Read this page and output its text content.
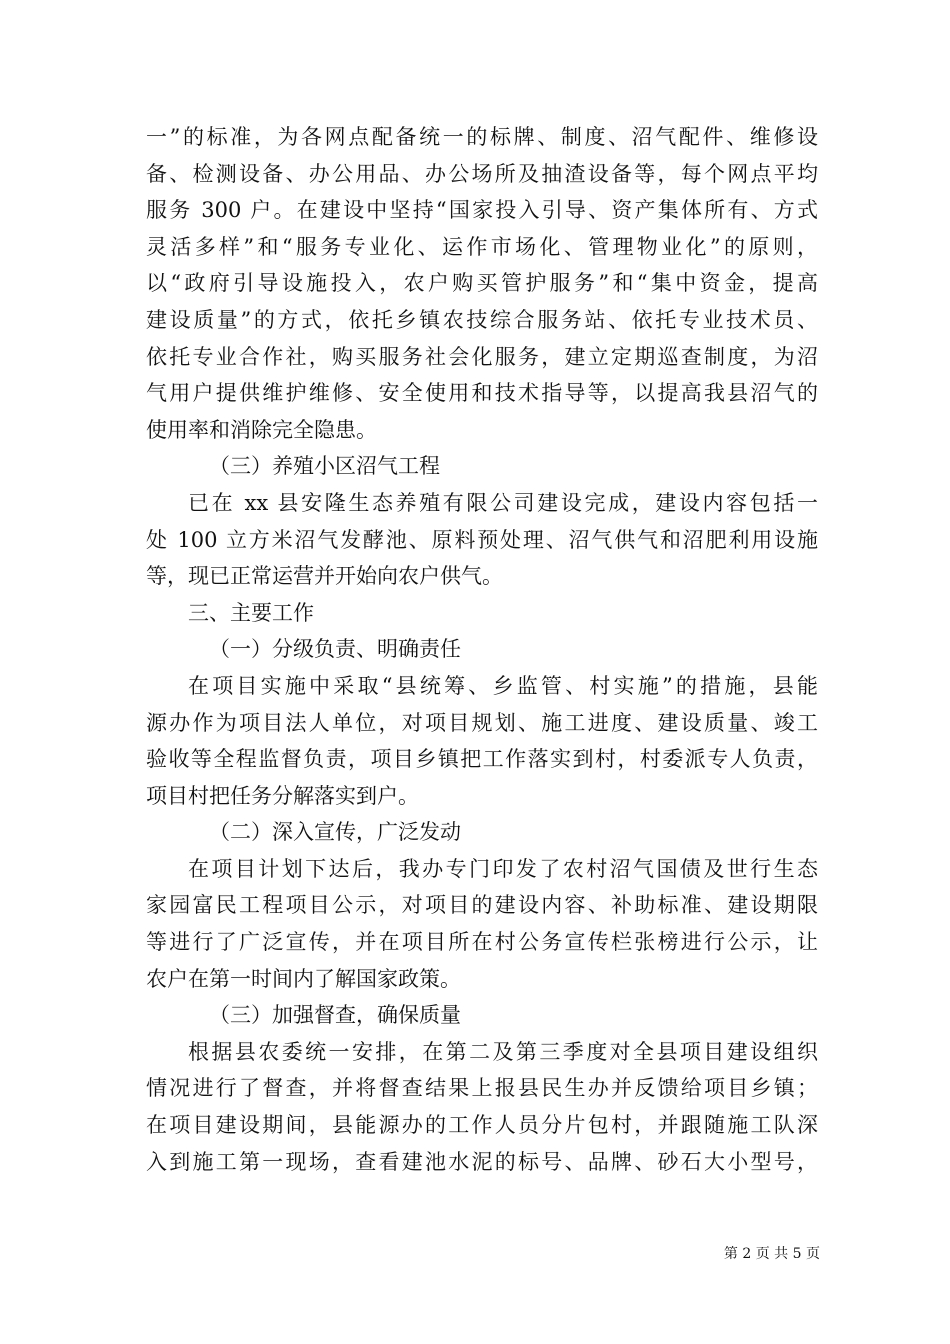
一”的标准，为各网点配备统一的标牌、制度、沼气配件、维修设
备、检测设备、办公用品、办公场所及抽渣设备等，每个网点平均
服务 300 户。在建设中坚持“国家投入引导、资产集体所有、方式
灵活多样”和“服务专业化、运作市场化、管理物业化”的原则，
以“政府引导设施投入，农户购买管护服务”和“集中资金，提高
建设质量”的方式，依托乡镇农技综合服务站、依托专业技术员、
依托专业合作社，购买服务社会化服务，建立定期巡查制度，为沼
气用户提供维护维修、安全使用和技术指导等，以提高我县沼气的
使用率和消除完全隐患。
（三）养殖小区沼气工程
已在 xx 县安隆生态养殖有限公司建设完成，建设内容包括一
处 100 立方米沼气发酵池、原料预处理、沼气供气和沼肥利用设施
等，现已正常运营并开始向农户供气。
三、主要工作
（一）分级负责、明确责任
在项目实施中采取“县统筹、乡监管、村实施”的措施，县能
源办作为项目法人单位，对项目规划、施工进度、建设质量、竣工
验收等全程监督负责，项目乡镇把工作落实到村，村委派专人负责，
项目村把任务分解落实到户。
（二）深入宣传，广泛发动
在项目计划下达后，我办专门印发了农村沼气国债及世行生态
家园富民工程项目公示，对项目的建设内容、补助标准、建设期限
等进行了广泛宣传，并在项目所在村公务宣传栏张榜进行公示，让
农户在第一时间内了解国家政策。
（三）加强督查，确保质量
根据县农委统一安排，在第二及第三季度对全县项目建设组织
情况进行了督查，并将督查结果上报县民生办并反馈给项目乡镇；
在项目建设期间，县能源办的工作人员分片包村，并跟随施工队深
入到施工第一现场，查看建池水泥的标号、品牌、砂石大小型号，
第 2 页 共 5 页
